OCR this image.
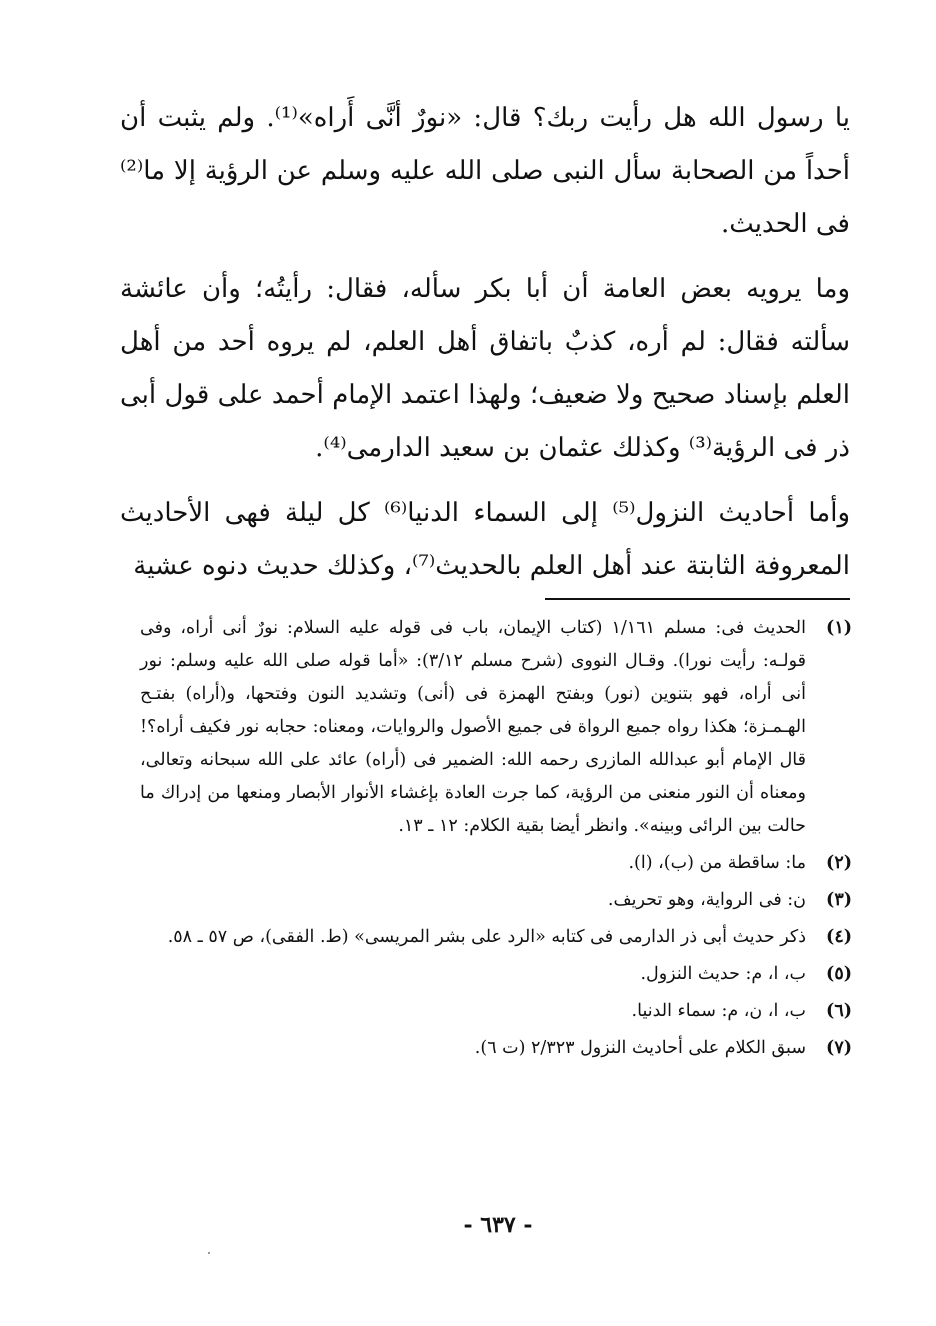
يا رسول الله هل رأيت ربك؟ قال: «نورٌ أنَّى أَراه»⁽¹⁾. ولم يثبت أن أحداً من الصحابة سأل النبى صلى الله عليه وسلم عن الرؤية إلا ما⁽²⁾ فى الحديث.

وما يرويه بعض العامة أن أبا بكر سأله، فقال: رأيتُه؛ وأن عائشة سألته فقال: لم أره، كذبٌ باتفاق أهل العلم، لم يروه أحد من أهل العلم بإسناد صحيح ولا ضعيف؛ ولهذا اعتمد الإمام أحمد على قول أبى ذر فى الرؤية⁽³⁾ وكذلك عثمان بن سعيد الدارمى⁽⁴⁾.

وأما أحاديث النزول⁽⁵⁾ إلى السماء الدنيا⁽⁶⁾ كل ليلة فهى الأحاديث المعروفة الثابتة عند أهل العلم بالحديث⁽⁷⁾، وكذلك حديث دنوه عشية

(١)
الحديث فى: مسلم ١/١٦١ (كتاب الإيمان، باب فى قوله عليه السلام: نورٌ أنى أراه، وفى قولـه: رأيت نورا). وقـال النووى (شرح مسلم ٣/١٢): «أما قوله صلى الله عليه وسلم: نور أنى أراه، فهو بتنوين (نور) وبفتح الهمزة فى (أنى) وتشديد النون وفتحها، و(أراه) بفتـح الهـمـزة؛ هكذا رواه جميع الرواة فى جميع الأصول والروايات، ومعناه: حجابه نور فكيف أراه؟! قال الإمام أبو عبدالله المازرى رحمه الله: الضمير فى (أراه) عائد على الله سبحانه وتعالى، ومعناه أن النور منعنى من الرؤية، كما جرت العادة بإغشاء الأنوار الأبصار ومنعها من إدراك ما حالت بين الرائى وبينه». وانظر أيضا بقية الكلام: ١٢ ـ ١٣.
(٢)
ما: ساقطة من (ب)، (ا).
(٣)
ن: فى الرواية، وهو تحريف.
(٤)
ذكر حديث أبى ذر الدارمى فى كتابه «الرد على بشر المريسى» (ط. الفقى)، ص ٥٧ ـ ٥٨.
(٥)
ب، ا، م: حديث النزول.
(٦)
ب، ا، ن، م: سماء الدنيا.
(٧)
سبق الكلام على أحاديث النزول ٢/٣٢٣ (ت ٦).
- ٦٣٧ -
